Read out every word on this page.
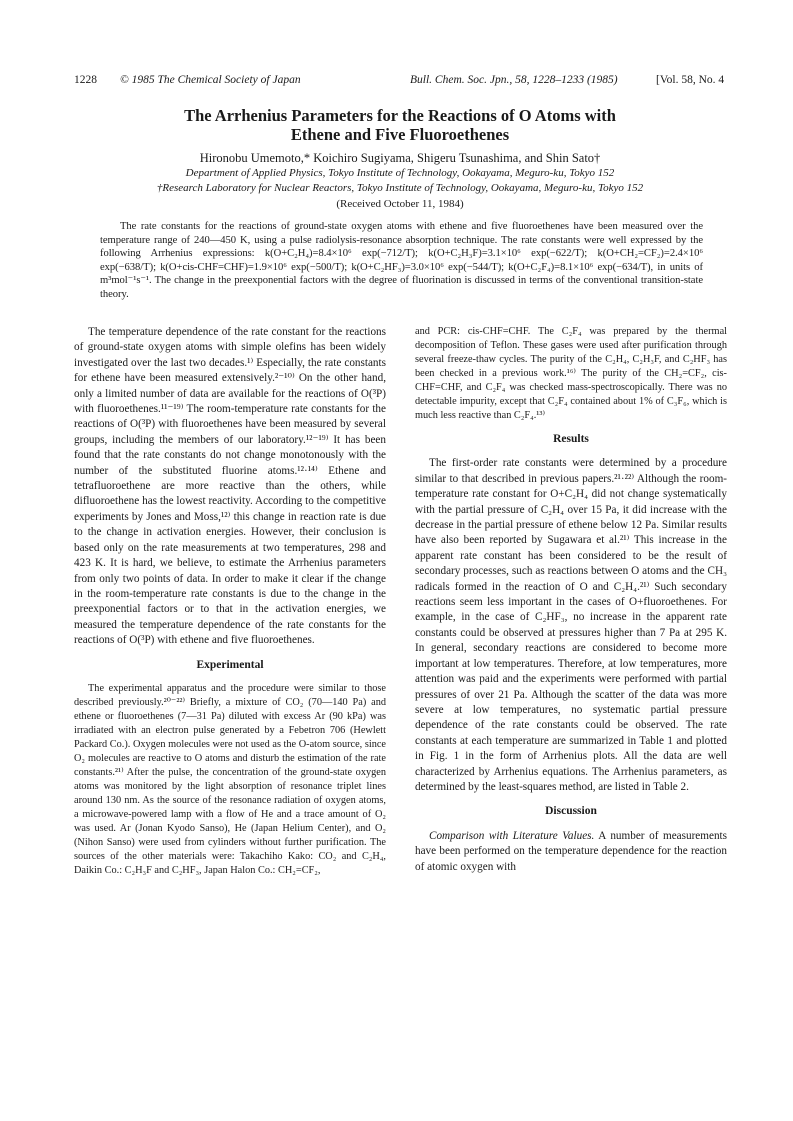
1228 © 1985 The Chemical Society of Japan	Bull. Chem. Soc. Jpn., 58, 1228–1233 (1985)	[Vol. 58, No. 4
The Arrhenius Parameters for the Reactions of O Atoms with
Ethene and Five Fluoroethenes
Hironobu Umemoto,* Koichiro Sugiyama, Shigeru Tsunashima, and Shin Sato†
Department of Applied Physics, Tokyo Institute of Technology, Ookayama, Meguro-ku, Tokyo 152
†Research Laboratory for Nuclear Reactors, Tokyo Institute of Technology, Ookayama, Meguro-ku, Tokyo 152
(Received October 11, 1984)
The rate constants for the reactions of ground-state oxygen atoms with ethene and five fluoroethenes have been measured over the temperature range of 240—450 K, using a pulse radiolysis-resonance absorption technique. The rate constants were well expressed by the following Arrhenius expressions: k(O+C₂H₄)=8.4×10⁶ exp(−712/T); k(O+C₂H₃F)=3.1×10⁶ exp(−622/T); k(O+CH₂=CF₂)=2.4×10⁶ exp(−638/T); k(O+cis-CHF=CHF)=1.9×10⁶ exp(−500/T); k(O+C₂HF₃)=3.0×10⁶ exp(−544/T); k(O+C₂F₄)=8.1×10⁶ exp(−634/T), in units of m³mol⁻¹s⁻¹. The change in the preexponential factors with the degree of fluorination is discussed in terms of the conventional transition-state theory.

The temperature dependence of the rate constant for the reactions of ground-state oxygen atoms with simple olefins has been widely investigated over the last two decades.¹⁾ Especially, the rate constants for ethene have been measured extensively.²⁻¹⁰⁾ On the other hand, only a limited number of data are available for the reactions of O(³P) with fluoroethenes.¹¹⁻¹⁹⁾ The room-temperature rate constants for the reactions of O(³P) with fluoroethenes have been measured by several groups, including the members of our laboratory.¹²⁻¹⁹⁾ It has been found that the rate constants do not change monotonously with the number of the substituted fluorine atoms.¹²·¹⁴⁾ Ethene and tetrafluoroethene are more reactive than the others, while difluoroethene has the lowest reactivity. According to the competitive experiments by Jones and Moss,¹²⁾ this change in reaction rate is due to the change in activation energies. However, their conclusion is based only on the rate measurements at two temperatures, 298 and 423 K. It is hard, we believe, to estimate the Arrhenius parameters from only two points of data. In order to make it clear if the change in the room-temperature rate constants is due to the change in the preexponential factors or to that in the activation energies, we measured the temperature dependence of the rate constants for the reactions of O(³P) with ethene and five fluoroethenes.

Experimental

The experimental apparatus and the procedure were similar to those described previously.²⁰⁻²²⁾ Briefly, a mixture of CO₂ (70—140 Pa) and ethene or fluoroethenes (7—31 Pa) diluted with excess Ar (90 kPa) was irradiated with an electron pulse generated by a Febetron 706 (Hewlett Packard Co.). Oxygen molecules were not used as the O-atom source, since O₂ molecules are reactive to O atoms and disturb the estimation of the rate constants.²¹⁾ After the pulse, the concentration of the ground-state oxygen atoms was monitored by the light absorption of resonance triplet lines around 130 nm. As the source of the resonance radiation of oxygen atoms, a microwave-powered lamp with a flow of He and a trace amount of O₂ was used. Ar (Jonan Kyodo Sanso), He (Japan Helium Center), and O₂ (Nihon Sanso) were used from cylinders without further purification. The sources of the other materials were: Takachiho Kako: CO₂ and C₂H₄, Daikin Co.: C₂H₃F and C₂HF₃, Japan Halon Co.: CH₂=CF₂,

and PCR: cis-CHF=CHF. The C₂F₄ was prepared by the thermal decomposition of Teflon. These gases were used after purification through several freeze-thaw cycles. The purity of the C₂H₄, C₂H₃F, and C₂HF₃ has been checked in a previous work.¹⁶⁾ The purity of the CH₂=CF₂, cis-CHF=CHF, and C₂F₄ was checked mass-spectroscopically. There was no detectable impurity, except that C₂F₄ contained about 1% of C₃F₆, which is much less reactive than C₂F₄.¹³⁾

Results

The first-order rate constants were determined by a procedure similar to that described in previous papers.²¹·²²⁾ Although the room-temperature rate constant for O+C₂H₄ did not change systematically with the partial pressure of C₂H₄ over 15 Pa, it did increase with the decrease in the partial pressure of ethene below 12 Pa. Similar results have also been reported by Sugawara et al.²¹⁾ This increase in the apparent rate constant has been considered to be the result of secondary processes, such as reactions between O atoms and the CH₃ radicals formed in the reaction of O and C₂H₄.²¹⁾ Such secondary reactions seem less important in the cases of O+fluoroethenes. For example, in the case of C₂HF₃, no increase in the apparent rate constants could be observed at pressures higher than 7 Pa at 295 K. In general, secondary reactions are considered to become more important at low temperatures. Therefore, at low temperatures, more attention was paid and the experiments were performed with partial pressures of over 21 Pa. Although the scatter of the data was more severe at low temperatures, no systematic partial pressure dependence of the rate constants could be observed. The rate constants at each temperature are summarized in Table 1 and plotted in Fig. 1 in the form of Arrhenius plots. All the data are well characterized by Arrhenius equations. The Arrhenius parameters, as determined by the least-squares method, are listed in Table 2.

Discussion

Comparison with Literature Values. A number of measurements have been performed on the temperature dependence for the reaction of atomic oxygen with
